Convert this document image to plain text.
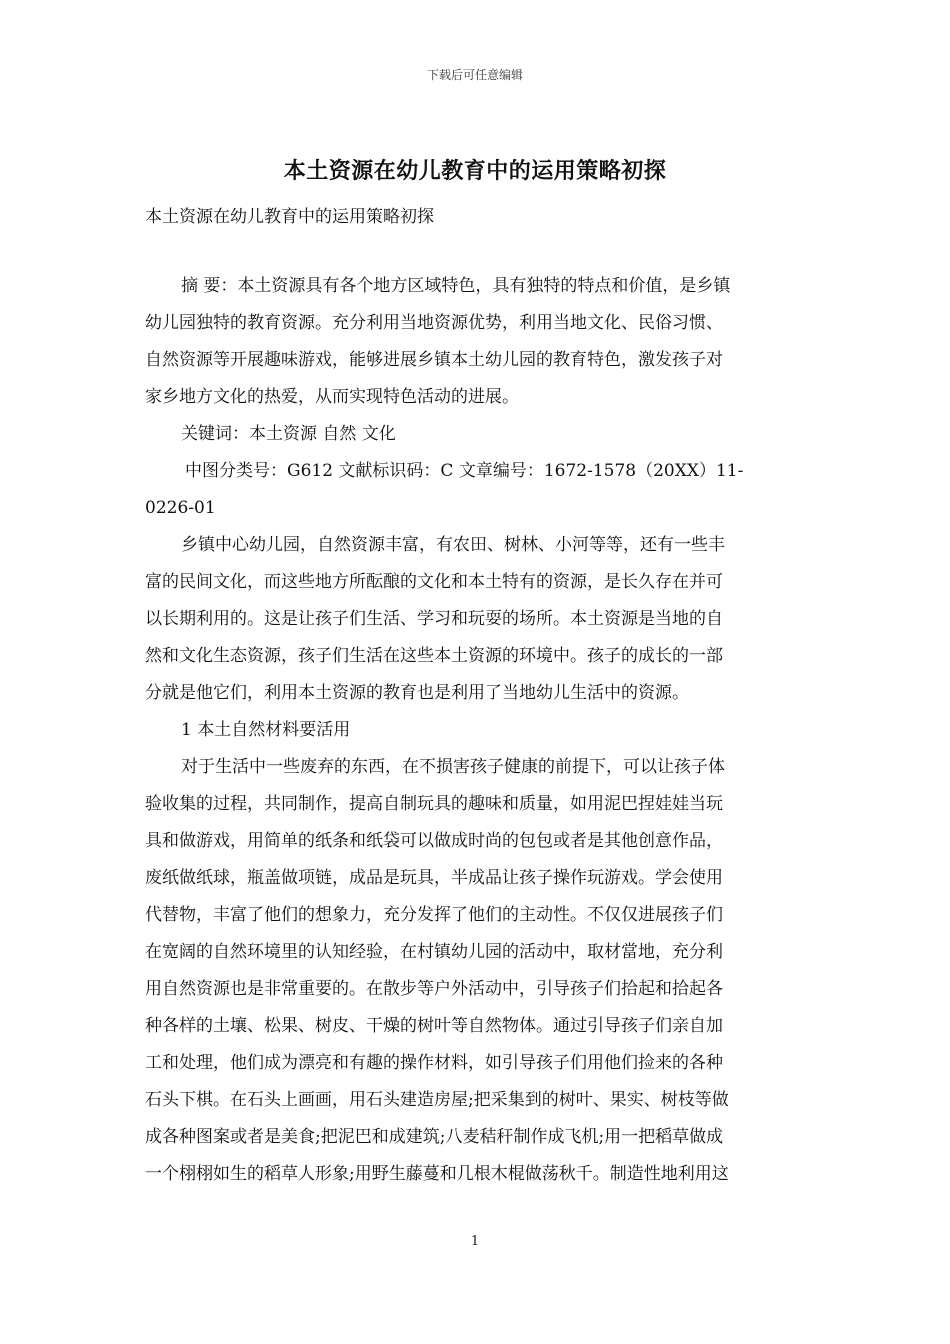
下载后可任意编辑
本土资源在幼儿教育中的运用策略初探
本土资源在幼儿教育中的运用策略初探
摘 要：本土资源具有各个地方区域特色，具有独特的特点和价值，是乡镇
幼儿园独特的教育资源。充分利用当地资源优势，利用当地文化、民俗习惯、
自然资源等开展趣味游戏，能够进展乡镇本土幼儿园的教育特色，激发孩子对
家乡地方文化的热爱，从而实现特色活动的进展。
关键词：本土资源 自然 文化
中图分类号：G612 文献标识码：C 文章编号：1672-1578（20XX）11-
0226-01
乡镇中心幼儿园，自然资源丰富，有农田、树林、小河等等，还有一些丰
富的民间文化，而这些地方所酝酿的文化和本土特有的资源，是长久存在并可
以长期利用的。这是让孩子们生活、学习和玩耍的场所。本土资源是当地的自
然和文化生态资源，孩子们生活在这些本土资源的环境中。孩子的成长的一部
分就是他它们，利用本土资源的教育也是利用了当地幼儿生活中的资源。
1 本土自然材料要活用
对于生活中一些废弃的东西，在不损害孩子健康的前提下，可以让孩子体
验收集的过程，共同制作，提高自制玩具的趣味和质量，如用泥巴捏娃娃当玩
具和做游戏，用简单的纸条和纸袋可以做成时尚的包包或者是其他创意作品，
废纸做纸球，瓶盖做项链，成品是玩具，半成品让孩子操作玩游戏。学会使用
代替物，丰富了他们的想象力，充分发挥了他们的主动性。不仅仅进展孩子们
在宽阔的自然环境里的认知经验，在村镇幼儿园的活动中，取材當地，充分利
用自然资源也是非常重要的。在散步等户外活动中，引导孩子们拾起和拾起各
种各样的土壤、松果、树皮、干燥的树叶等自然物体。通过引导孩子们亲自加
工和处理，他们成为漂亮和有趣的操作材料，如引导孩子们用他们捡来的各种
石头下棋。在石头上画画，用石头建造房屋;把采集到的树叶、果实、树枝等做
成各种图案或者是美食;把泥巴和成建筑;八麦秸秆制作成飞机;用一把稻草做成
一个栩栩如生的稻草人形象;用野生藤蔓和几根木棍做荡秋千。制造性地利用这
1
